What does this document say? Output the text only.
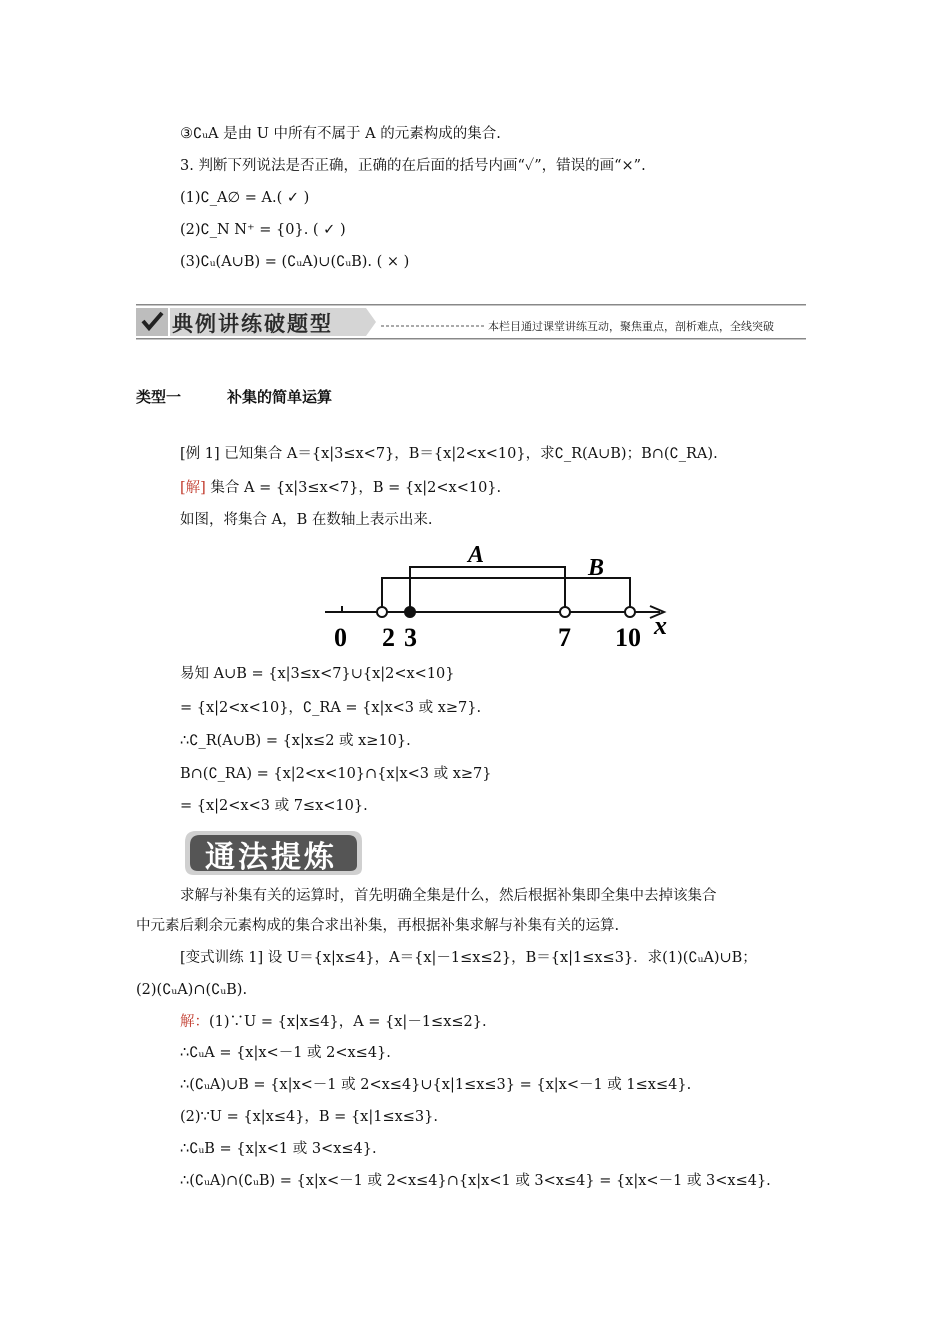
③∁ᵤA 是由 U 中所有不属于 A 的元素构成的集合.
3. 判断下列说法是否正确，正确的在后面的括号内画“✓”，错误的画“×”.
(1)∁_A∅ = A.( ✓ )
(2)∁_N N⁺ = {0}. ( ✓ )
(3)∁ᵤ(A∪B) = (∁ᵤA)∪(∁ᵤB). ( × )
典例讲练破题型	本栏目通过课堂讲练互动，聚焦重点，剖析难点，全线突破
类型一	补集的简单运算
[例 1] 已知集合 A＝{x|3≤x<7}，B＝{x|2<x<10}，求∁_R(A∪B)；B∩(∁_RA).
[解] 集合 A = {x|3≤x<7}，B = {x|2<x<10}.
如图，将集合 A，B 在数轴上表示出来.
A	B
0 2 3	7 10 x
易知 A∪B = {x|3≤x<7}∪{x|2<x<10}
= {x|2<x<10}，∁_RA = {x|x<3 或 x≥7}.
∴∁_R(A∪B) = {x|x≤2 或 x≥10}.
B∩(∁_RA) = {x|2<x<10}∩{x|x<3 或 x≥7}
= {x|2<x<3 或 7≤x<10}.
通法提炼
求解与补集有关的运算时，首先明确全集是什么，然后根据补集即全集中去掉该集合
中元素后剩余元素构成的集合求出补集，再根据补集求解与补集有关的运算.
[变式训练 1] 设 U＝{x|x≤4}，A＝{x|－1≤x≤2}，B＝{x|1≤x≤3}．求(1)(∁ᵤA)∪B；
(2)(∁ᵤA)∩(∁ᵤB).
解：(1)∵U = {x|x≤4}，A = {x|－1≤x≤2}.
∴∁ᵤA = {x|x<－1 或 2<x≤4}.
∴(∁ᵤA)∪B = {x|x<－1 或 2<x≤4}∪{x|1≤x≤3} = {x|x<－1 或 1≤x≤4}.
(2)∵U = {x|x≤4}，B = {x|1≤x≤3}.
∴∁ᵤB = {x|x<1 或 3<x≤4}.
∴(∁ᵤA)∩(∁ᵤB) = {x|x<－1 或 2<x≤4}∩{x|x<1 或 3<x≤4} = {x|x<－1 或 3<x≤4}.
